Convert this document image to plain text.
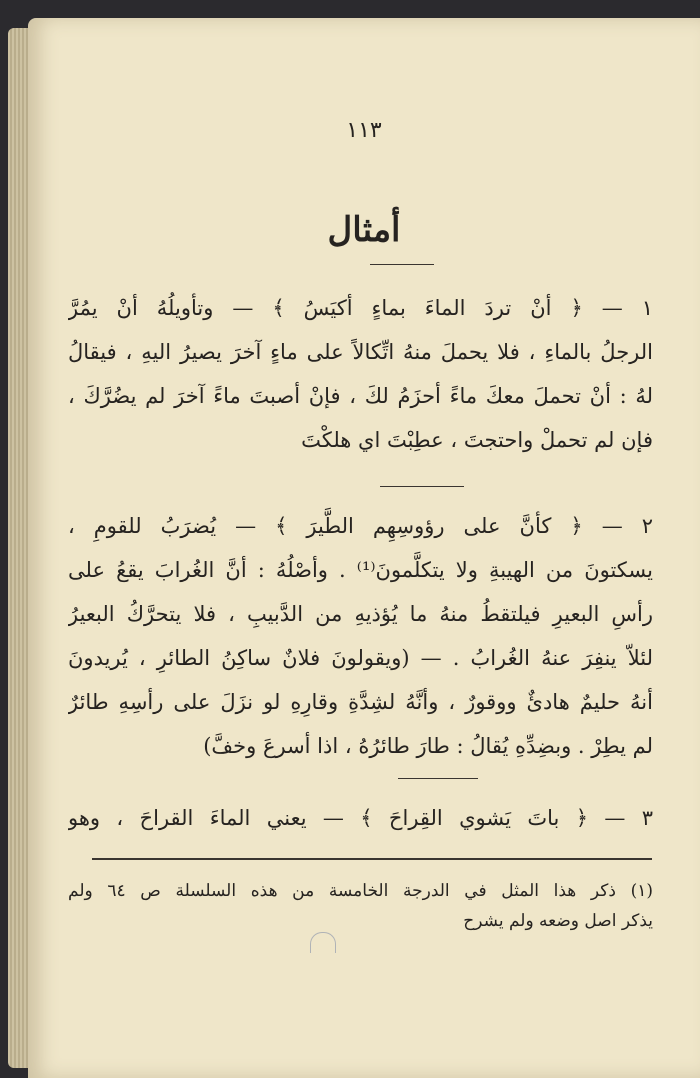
١١٣
أمثال
١ — ﴿ أنْ تردَ الماءَ بماءٍ أكيَسُ ﴾ — وتأويلُهُ أنْ يمُرَّ
الرجلُ بالماءِ ، فلا يحملَ منهُ اتِّكالاً على ماءٍ آخرَ يصيرُ اليهِ ، فيقالُ
لهُ : أنْ تحملَ معكَ ماءً أحزَمُ لكَ ، فإنْ أصبتَ ماءً آخرَ لم يضُرَّكَ ،
فإن لم تحملْ واحتجتَ ، عطِبْتَ اي هلكْتَ
٢ — ﴿ كأنَّ على رؤوسِهِم الطَّيرَ ﴾ — يُضرَبُ للقومِ ،
يسكتونَ من الهيبةِ ولا يتكلَّمونَ⁽¹⁾ . وأصْلُهُ : أنَّ الغُرابَ يقعُ على
رأسِ البعيرِ فيلتقطُ منهُ ما يُؤذيهِ من الدَّبيبِ ، فلا يتحرَّكُ البعيرُ
لئلاّ ينفِرَ عنهُ الغُرابُ . — (ويقولونَ فلانٌ ساكِنُ الطائرِ ، يُريدونَ
أنهُ حليمٌ هادئٌ ووقورٌ ، وأنَّهُ لشِدَّةِ وقارِهِ لو نزَلَ على رأسِهِ طائرٌ
لم يطِرْ . وبضِدِّهِ يُقالُ : طارَ طائرُهُ ، اذا أسرعَ وخفَّ)
٣ — ﴿ باتَ يَشوي القِراحَ ﴾ — يعني الماءَ القراحَ ، وهو
(١) ذكر هذا المثل في الدرجة الخامسة من هذه السلسلة ص ٦٤ ولم
يذكر اصل وضعه ولم يشرح
